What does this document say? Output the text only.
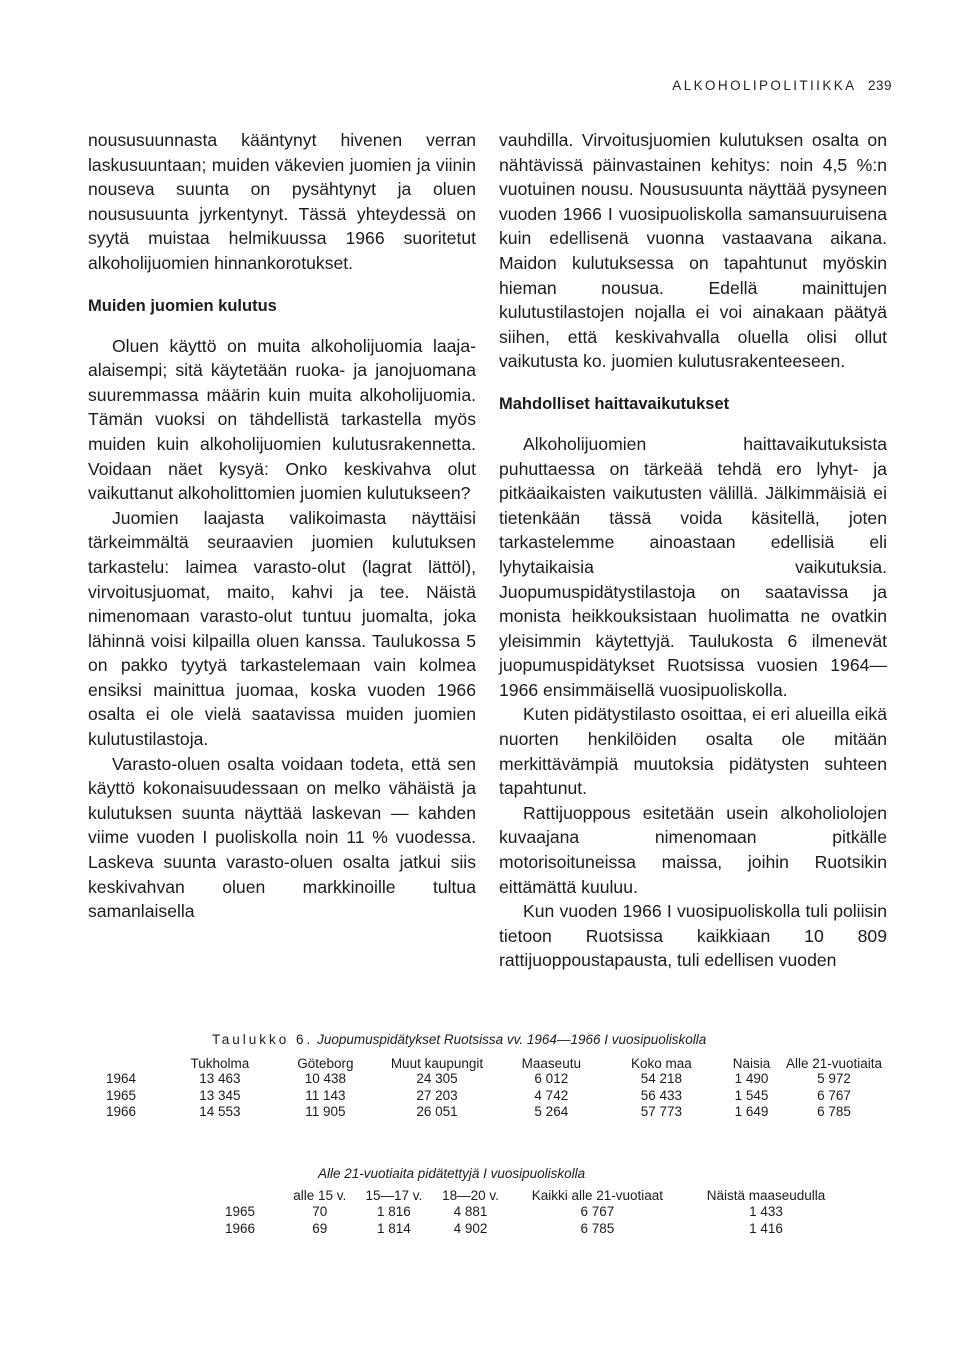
ALKOHOLIPOLITIIKKA 239

noususuunnasta kääntynyt hivenen verran laskusuuntaan; muiden väkevien juomien ja viinin nouseva suunta on pysähtynyt ja oluen noususuunta jyrkentynyt. Tässä yhteydessä on syytä muistaa helmikuussa 1966 suoritetut alkoholijuomien hinnankorotukset.

Muiden juomien kulutus

Oluen käyttö on muita alkoholijuomia laaja-alaisempi; sitä käytetään ruoka- ja janojuomana suuremmassa määrin kuin muita alkoholijuomia. Tämän vuoksi on tähdellistä tarkastella myös muiden kuin alkoholijuomien kulutusrakennetta. Voidaan näet kysyä: Onko keskivahva olut vaikuttanut alkoholittomien juomien kulutukseen?

Juomien laajasta valikoimasta näyttäisi tärkeimmältä seuraavien juomien kulutuksen tarkastelu: laimea varasto-olut (lagrat lättöl), virvoitusjuomat, maito, kahvi ja tee. Näistä nimenomaan varasto-olut tuntuu juomalta, joka lähinnä voisi kilpailla oluen kanssa. Taulukossa 5 on pakko tyytyä tarkastelemaan vain kolmea ensiksi mainittua juomaa, koska vuoden 1966 osalta ei ole vielä saatavissa muiden juomien kulutustilastoja.

Varasto-oluen osalta voidaan todeta, että sen käyttö kokonaisuudessaan on melko vähäistä ja kulutuksen suunta näyttää laskevan — kahden viime vuoden I puoliskolla noin 11 % vuodessa. Laskeva suunta varasto-oluen osalta jatkui siis keskivahvan oluen markkinoille tultua samanlaisella

vauhdilla. Virvoitusjuomien kulutuksen osalta on nähtävissä päinvastainen kehitys: noin 4,5 %:n vuotuinen nousu. Noususuunta näyttää pysyneen vuoden 1966 I vuosipuoliskolla samansuuruisena kuin edellisenä vuonna vastaavana aikana. Maidon kulutuksessa on tapahtunut myöskin hieman nousua. Edellä mainittujen kulutustilastojen nojalla ei voi ainakaan päätyä siihen, että keskivahvalla oluella olisi ollut vaikutusta ko. juomien kulutusrakenteeseen.

Mahdolliset haittavaikutukset

Alkoholijuomien haittavaikutuksista puhuttaessa on tärkeää tehdä ero lyhyt- ja pitkäaikaisten vaikutusten välillä. Jälkimmäisiä ei tietenkään tässä voida käsitellä, joten tarkastelemme ainoastaan edellisiä eli lyhytaikaisia vaikutuksia. Juopumuspidätystilastoja on saatavissa ja monista heikkouksistaan huolimatta ne ovatkin yleisimmin käytettyjä. Taulukosta 6 ilmenevät juopumuspidätykset Ruotsissa vuosien 1964—1966 ensimmäisellä vuosipuoliskolla.

Kuten pidätystilasto osoittaa, ei eri alueilla eikä nuorten henkilöiden osalta ole mitään merkittävämpiä muutoksia pidätysten suhteen tapahtunut.

Rattijuoppous esitetään usein alkoholiolojen kuvaajana nimenomaan pitkälle motorisoituneissa maissa, joihin Ruotsikin eittämättä kuuluu.

Kun vuoden 1966 I vuosipuoliskolla tuli poliisin tietoon Ruotsissa kaikkiaan 10 809 rattijuoppoustapausta, tuli edellisen vuoden

Taulukko 6. Juopumuspidätykset Ruotsissa vv. 1964—1966 I vuosipuoliskolla
	Tukholma	Göteborg	Muut kaupungit	Maaseutu	Koko maa	Naisia	Alle 21-vuotiaita
1964	13 463	10 438	24 305	6 012	54 218	1 490	5 972
1965	13 345	11 143	27 203	4 742	56 433	1 545	6 767
1966	14 553	11 905	26 051	5 264	57 773	1 649	6 785
Alle 21-vuotiaita pidätettyjä I vuosipuoliskolla
	alle 15 v.	15—17 v.	18—20 v.	Kaikki alle 21-vuotiaat	Näistä maaseudulla
1965	70	1 816	4 881	6 767	1 433
1966	69	1 814	4 902	6 785	1 416
